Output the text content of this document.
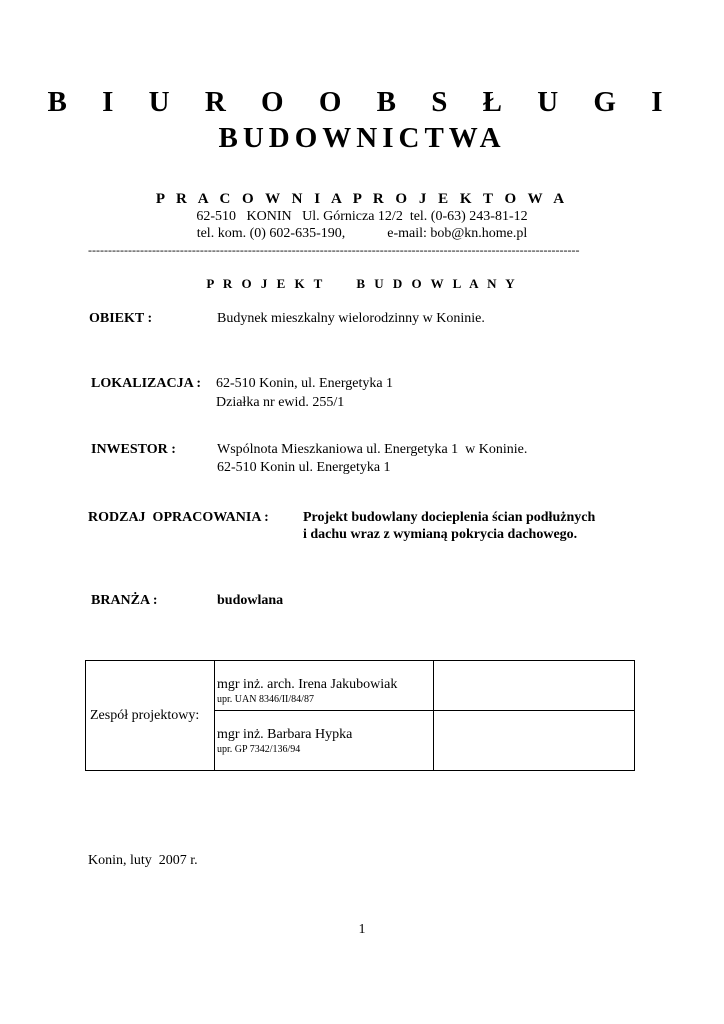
B I U R O O B S Ł U G I
BUDOWNICTWA
P R A C O W N I A P R O J E K T O W A
62-510   KONIN   Ul. Górnicza 12/2  tel. (0-63) 243-81-12
tel. kom. (0) 602-635-190,            e-mail: bob@kn.home.pl
---------------------------------------------------------------------------------------------------------------------------
P R O J E K T     B U D O W L A N Y
OBIEKT :	Budynek mieszkalny wielorodzinny w Koninie.
LOKALIZACJA : 62-510 Konin, ul. Energetyka 1
Działka nr ewid. 255/1
INWESTOR :	Wspólnota Mieszkaniowa ul. Energetyka 1  w Koninie.
62-510 Konin ul. Energetyka 1
RODZAJ  OPRACOWANIA : Projekt budowlany docieplenia ścian podłużnych
i dachu wraz z wymianą pokrycia dachowego.
BRANŻA :	budowlana
Zespół projektowy:	mgr inż. arch. Irena Jakubowiak
upr. UAN 8346/II/84/87	

	mgr inż. Barbara Hypka
upr. GP 7342/136/94	

Konin, luty  2007 r.
1
